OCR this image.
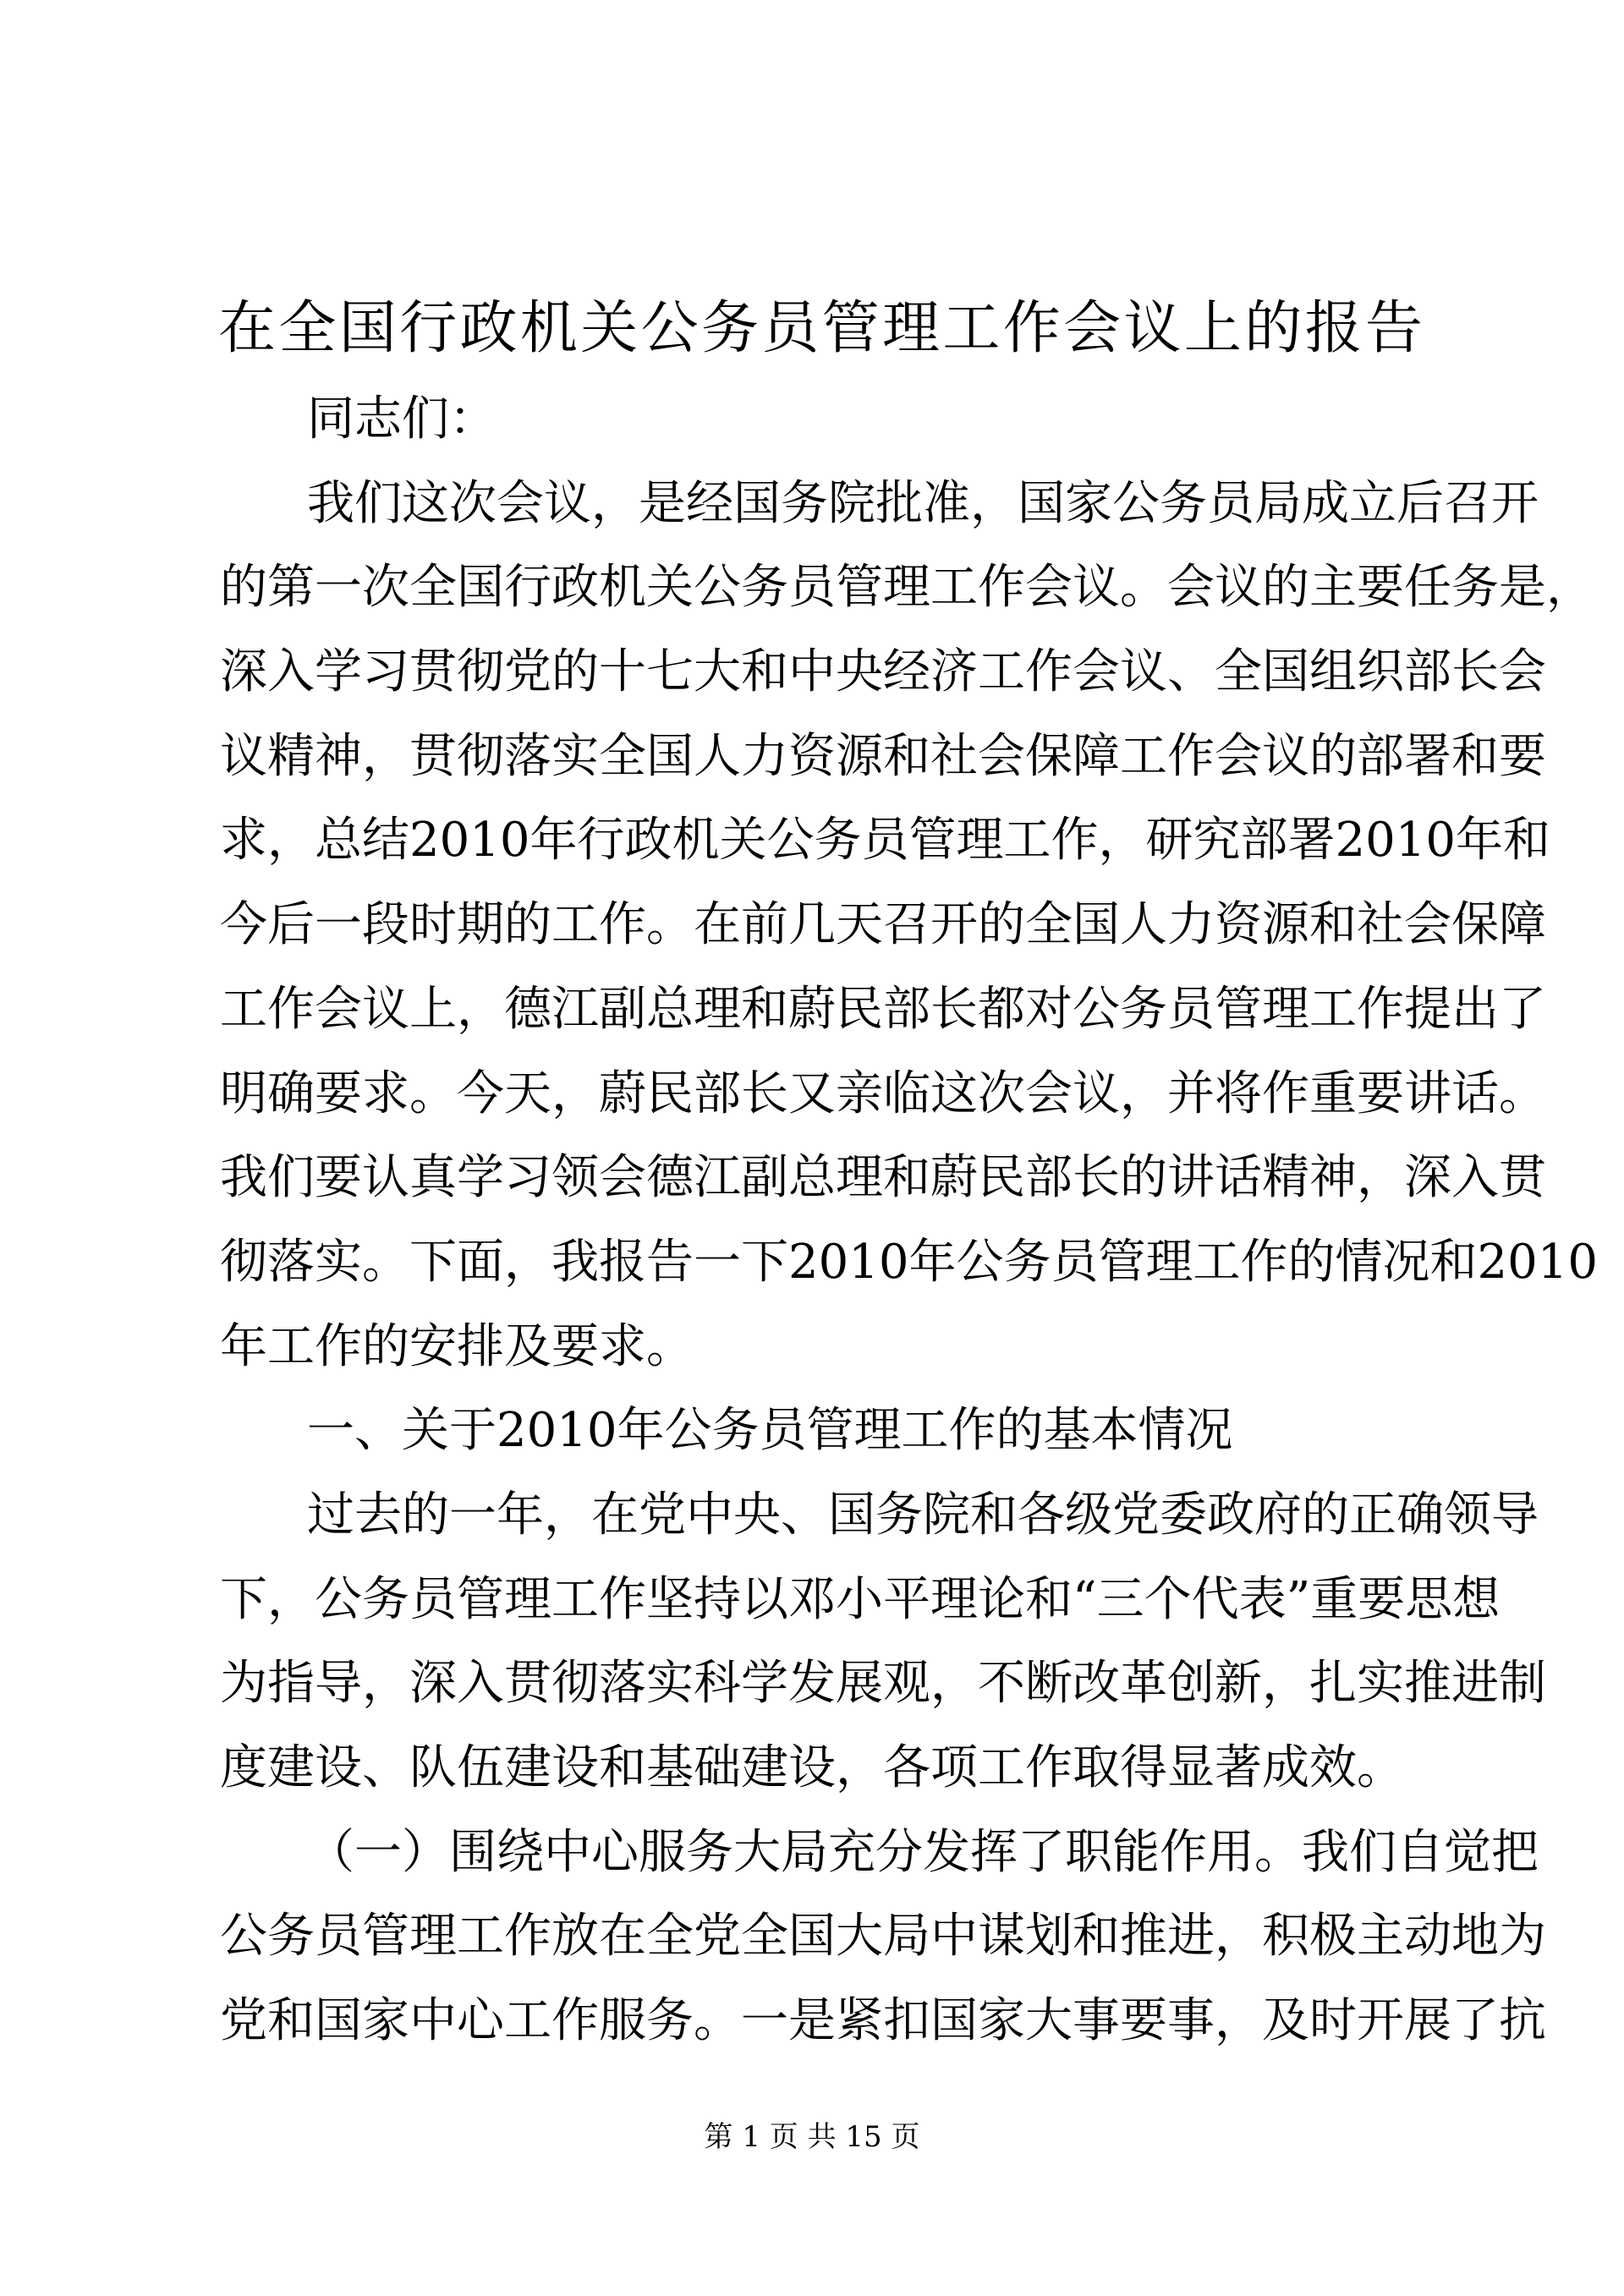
在全国行政机关公务员管理工作会议上的报告
同志们：
我们这次会议，是经国务院批准，国家公务员局成立后召开
的第一次全国行政机关公务员管理工作会议。会议的主要任务是，
深入学习贯彻党的十七大和中央经济工作会议、全国组织部长会
议精神，贯彻落实全国人力资源和社会保障工作会议的部署和要
求，总结2010年行政机关公务员管理工作，研究部署2010年和
今后一段时期的工作。在前几天召开的全国人力资源和社会保障
工作会议上，德江副总理和蔚民部长都对公务员管理工作提出了
明确要求。今天，蔚民部长又亲临这次会议，并将作重要讲话。
我们要认真学习领会德江副总理和蔚民部长的讲话精神，深入贯
彻落实。下面，我报告一下2010年公务员管理工作的情况和2010
年工作的安排及要求。
一、关于2010年公务员管理工作的基本情况
过去的一年，在党中央、国务院和各级党委政府的正确领导
下，公务员管理工作坚持以邓小平理论和“三个代表”重要思想
为指导，深入贯彻落实科学发展观，不断改革创新，扎实推进制
度建设、队伍建设和基础建设，各项工作取得显著成效。
（一）围绕中心服务大局充分发挥了职能作用。我们自觉把
公务员管理工作放在全党全国大局中谋划和推进，积极主动地为
党和国家中心工作服务。一是紧扣国家大事要事，及时开展了抗
第 1 页 共 15 页
